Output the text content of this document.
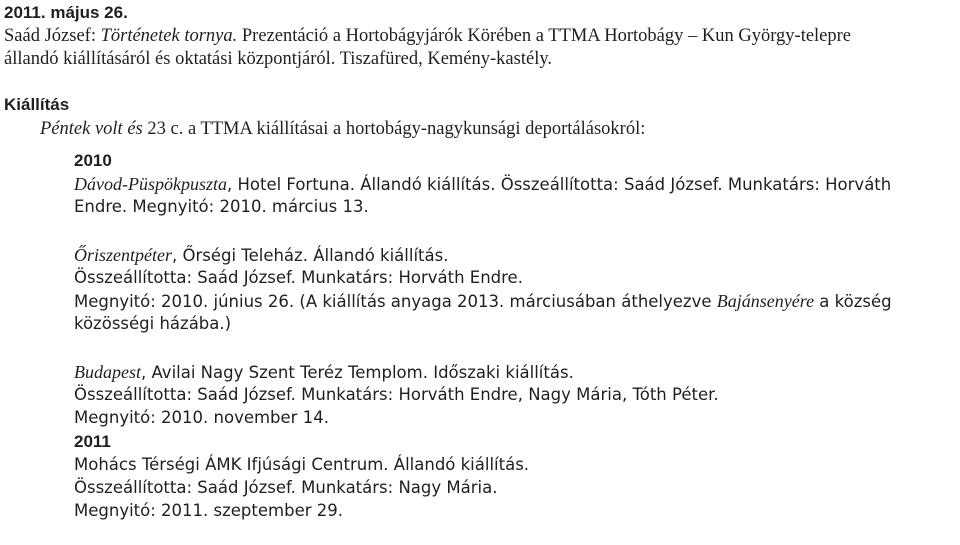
2011. május 26.
Saád József: Történetek tornya. Prezentáció a Hortobágyjárók Körében a TTMA Hortobágy – Kun György-telepre
állandó kiállításáról és oktatási központjáról. Tiszafüred, Kemény-kastély.
Kiállítás
Péntek volt és 23 c. a TTMA kiállításai a hortobágy-nagykunsági deportálásokról:
2010
Dávod-Püspökpuszta, Hotel Fortuna. Állandó kiállítás. Összeállította: Saád József. Munkatárs: Horváth
Endre. Megnyitó: 2010. március 13.
Őriszentpéter, Őrségi Teleház. Állandó kiállítás.
Összeállította: Saád József. Munkatárs: Horváth Endre.
Megnyitó: 2010. június 26. (A kiállítás anyaga 2013. márciusában áthelyezve Bajánsenyére a község
közösségi házába.)
Budapest, Avilai Nagy Szent Teréz Templom. Időszaki kiállítás.
Összeállította: Saád József. Munkatárs: Horváth Endre, Nagy Mária, Tóth Péter.
Megnyitó: 2010. november 14.
2011
Mohács Térségi ÁMK Ifjúsági Centrum. Állandó kiállítás.
Összeállította: Saád József. Munkatárs: Nagy Mária.
Megnyitó: 2011. szeptember 29.
